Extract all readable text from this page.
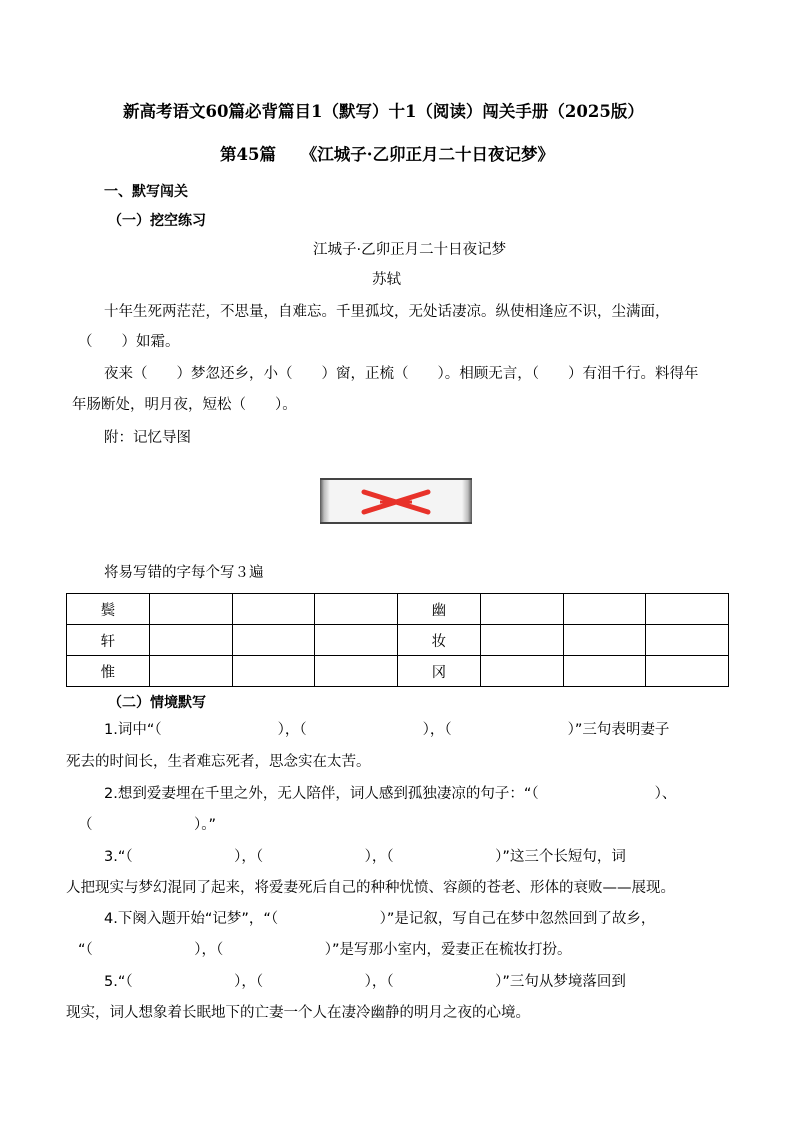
新高考语文60篇必背篇目1（默写）十1（阅读）闯关手册（2025版）
第45篇　　《江城子·乙卯正月二十日夜记梦》
一、默写闯关
（一）挖空练习
江城子·乙卯正月二十日夜记梦
苏轼
十年生死两茫茫，不思量，自难忘。千里孤坟，无处话凄凉。纵使相逢应不识，尘满面，
（　　）如霜。
夜来（　　）梦忽还乡，小（　　）窗，正梳（　　）。相顾无言，（　　）有泪千行。料得年
年肠断处，明月夜，短松（　　）。
附：记忆导图
将易写错的字每个写３遍
鬓				幽			
轩				妆			
惟				冈			
（二）情境默写
1.词中“（　　　　　　　　），（　　　　　　　　），（　　　　　　　　）”三句表明妻子
死去的时间长，生者难忘死者，思念实在太苦。
2.想到爱妻埋在千里之外，无人陪伴，词人感到孤独凄凉的句子：“（　　　　　　　　）、
（　　　　　　　）。”
3.“（　　　　　　　），（　　　　　　　），（　　　　　　　）”这三个长短句，词
人把现实与梦幻混同了起来，将爱妻死后自己的种种忧愤、容颜的苍老、形体的衰败——展现。
4.下阕入题开始“记梦”，“（　　　　　　　）”是记叙，写自己在梦中忽然回到了故乡，
“（　　　　　　　），（　　　　　　　）”是写那小室内，爱妻正在梳妆打扮。
5.“（　　　　　　　），（　　　　　　　），（　　　　　　　）”三句从梦境落回到
现实，词人想象着长眠地下的亡妻一个人在凄冷幽静的明月之夜的心境。
